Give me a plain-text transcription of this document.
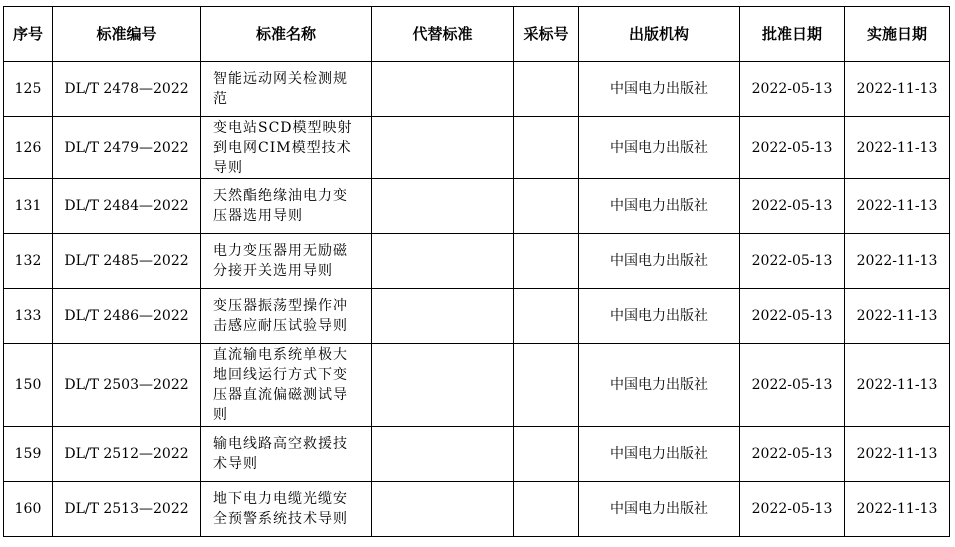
序号	标准编号	标准名称	代替标准	采标号	出版机构	批准日期	实施日期
125	DL/T 2478—2022	智能远动网关检测规范			中国电力出版社	2022-05-13	2022-11-13
126	DL/T 2479—2022	变电站SCD模型映射到电网CIM模型技术导则			中国电力出版社	2022-05-13	2022-11-13
131	DL/T 2484—2022	天然酯绝缘油电力变压器选用导则			中国电力出版社	2022-05-13	2022-11-13
132	DL/T 2485—2022	电力变压器用无励磁分接开关选用导则			中国电力出版社	2022-05-13	2022-11-13
133	DL/T 2486—2022	变压器振荡型操作冲击感应耐压试验导则			中国电力出版社	2022-05-13	2022-11-13
150	DL/T 2503—2022	直流输电系统单极大地回线运行方式下变压器直流偏磁测试导则			中国电力出版社	2022-05-13	2022-11-13
159	DL/T 2512—2022	输电线路高空救援技术导则			中国电力出版社	2022-05-13	2022-11-13
160	DL/T 2513—2022	地下电力电缆光缆安全预警系统技术导则			中国电力出版社	2022-05-13	2022-11-13
